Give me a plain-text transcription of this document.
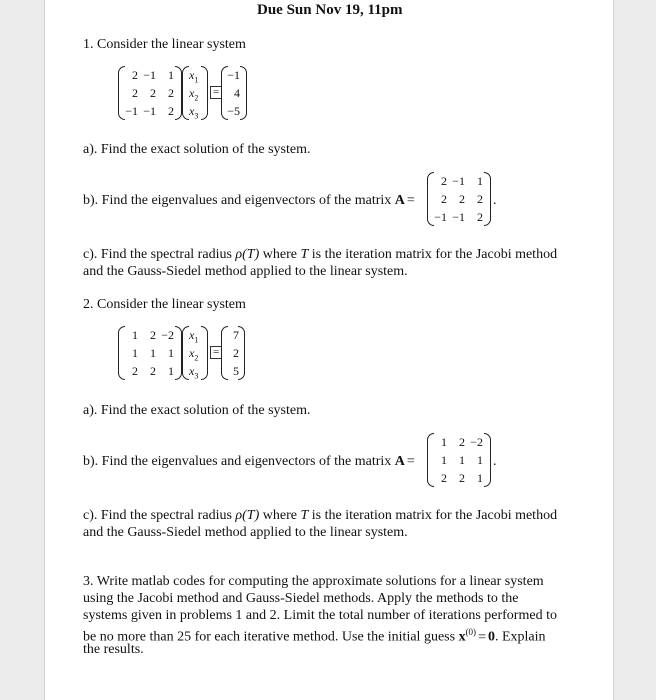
Due Sun Nov 19, 11pm
1. Consider the linear system
2 −1	1
2	2	2
−1 −1	2
$x_1$
$x_2$
$x_3$
=
−1
4
−5
a). Find the exact solution of the system.
b). Find the eigenvalues and eigenvectors of the matrix A =
2 −1	1
2	2	2
−1 −1	2
.
c). Find the spectral radius ρ(T) where T is the iteration matrix for the Jacobi method
and the Gauss-Siedel method applied to the linear system.
2. Consider the linear system
1	2 −2
1	1	1
2	2	1
$x_1$
$x_2$
$x_3$
=
7
2
5
a). Find the exact solution of the system.
b). Find the eigenvalues and eigenvectors of the matrix A =
1	2 −2
1	1	1
2	2	1
.
c). Find the spectral radius ρ(T) where T is the iteration matrix for the Jacobi method
and the Gauss-Siedel method applied to the linear system.
3. Write matlab codes for computing the approximate solutions for a linear system
using the Jacobi method and Gauss-Siedel methods. Apply the methods to the
systems given in problems 1 and 2. Limit the total number of iterations performed to
be no more than 25 for each iterative method. Use the initial guess $x^{(0)} = 0$. Explain
the results.
